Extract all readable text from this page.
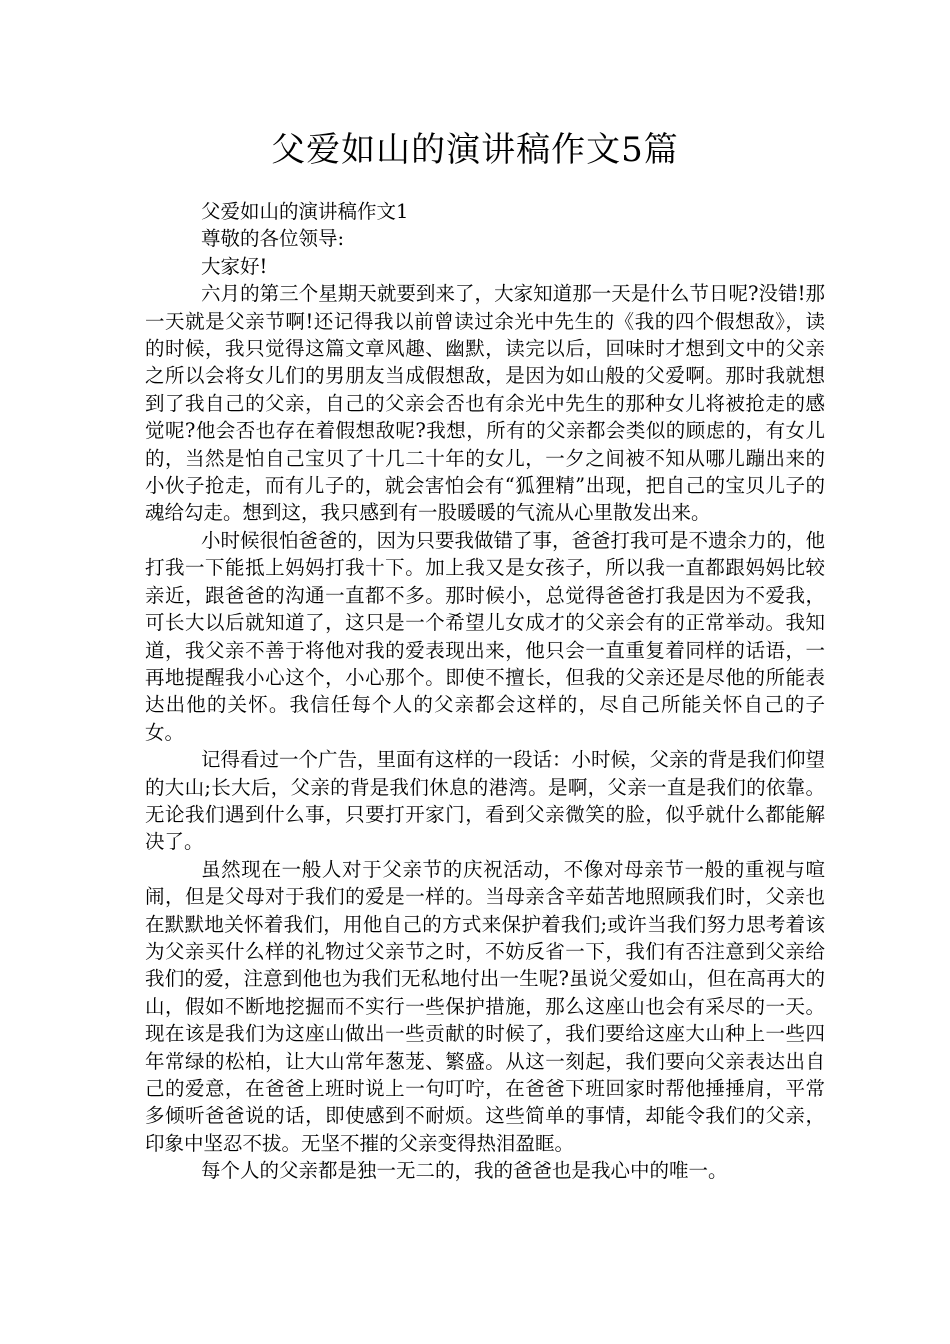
父爱如山的演讲稿作文5篇

父爱如山的演讲稿作文1

尊敬的各位领导:

大家好!

六月的第三个星期天就要到来了，大家知道那一天是什么节日呢?没错!那一天就是父亲节啊!还记得我以前曾读过余光中先生的《我的四个假想敌》，读的时候，我只觉得这篇文章风趣、幽默，读完以后，回味时才想到文中的父亲之所以会将女儿们的男朋友当成假想敌，是因为如山般的父爱啊。那时我就想到了我自己的父亲，自己的父亲会否也有余光中先生的那种女儿将被抢走的感觉呢?他会否也存在着假想敌呢?我想，所有的父亲都会类似的顾虑的，有女儿的，当然是怕自己宝贝了十几二十年的女儿，一夕之间被不知从哪儿蹦出来的小伙子抢走，而有儿子的，就会害怕会有“狐狸精”出现，把自己的宝贝儿子的魂给勾走。想到这，我只感到有一股暖暖的气流从心里散发出来。

小时候很怕爸爸的，因为只要我做错了事，爸爸打我可是不遗余力的，他打我一下能抵上妈妈打我十下。加上我又是女孩子，所以我一直都跟妈妈比较亲近，跟爸爸的沟通一直都不多。那时候小，总觉得爸爸打我是因为不爱我，可长大以后就知道了，这只是一个希望儿女成才的父亲会有的正常举动。我知道，我父亲不善于将他对我的爱表现出来，他只会一直重复着同样的话语，一再地提醒我小心这个，小心那个。即使不擅长，但我的父亲还是尽他的所能表达出他的关怀。我信任每个人的父亲都会这样的，尽自己所能关怀自己的子女。

记得看过一个广告，里面有这样的一段话：小时候，父亲的背是我们仰望的大山;长大后，父亲的背是我们休息的港湾。是啊，父亲一直是我们的依靠。无论我们遇到什么事，只要打开家门，看到父亲微笑的脸，似乎就什么都能解决了。

虽然现在一般人对于父亲节的庆祝活动，不像对母亲节一般的重视与喧闹，但是父母对于我们的爱是一样的。当母亲含辛茹苦地照顾我们时，父亲也在默默地关怀着我们，用他自己的方式来保护着我们;或许当我们努力思考着该为父亲买什么样的礼物过父亲节之时，不妨反省一下，我们有否注意到父亲给我们的爱，注意到他也为我们无私地付出一生呢?虽说父爱如山，但在高再大的山，假如不断地挖掘而不实行一些保护措施，那么这座山也会有采尽的一天。现在该是我们为这座山做出一些贡献的时候了，我们要给这座大山种上一些四年常绿的松柏，让大山常年葱茏、繁盛。从这一刻起，我们要向父亲表达出自己的爱意，在爸爸上班时说上一句叮咛，在爸爸下班回家时帮他捶捶肩，平常多倾听爸爸说的话，即使感到不耐烦。这些简单的事情，却能令我们的父亲，印象中坚忍不拔。无坚不摧的父亲变得热泪盈眶。

每个人的父亲都是独一无二的，我的爸爸也是我心中的唯一。
